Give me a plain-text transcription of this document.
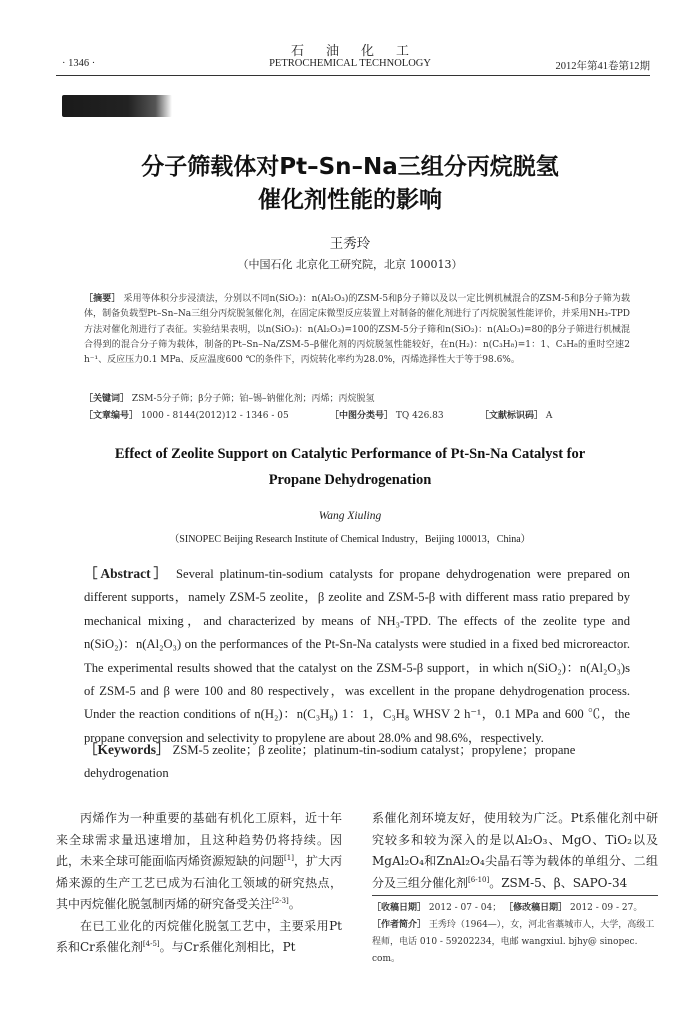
石油化工
· 1346 ·	PETROCHEMICAL TECHNOLOGY	2012年第41卷第12期
分子筛载体对Pt–Sn–Na三组分丙烷脱氢
催化剂性能的影响
王秀玲
（中国石化 北京化工研究院，北京 100013）
［摘要］ 采用等体积分步浸渍法，分别以不同n(SiO₂)：n(Al₂O₃)的ZSM-5和β分子筛以及以一定比例机械混合的ZSM-5和β分子筛为载体，制备负载型Pt–Sn–Na三组分丙烷脱氢催化剂，在固定床微型反应装置上对制备的催化剂进行了丙烷脱氢性能评价，并采用NH₃-TPD方法对催化剂进行了表征。实验结果表明，以n(SiO₂)：n(Al₂O₃)=100的ZSM-5分子筛和n(SiO₂)：n(Al₂O₃)=80的β分子筛进行机械混合得到的混合分子筛为载体，制备的Pt–Sn–Na/ZSM-5–β催化剂的丙烷脱氢性能较好，在n(H₂)：n(C₃H₈)=1：1、C₃H₈的重时空速2 h⁻¹、反应压力0.1 MPa、反应温度600 ℃的条件下，丙烷转化率约为28.0%，丙烯选择性大于等于98.6%。
［关键词］ ZSM-5分子筛；β分子筛；铂–锡–钠催化剂；丙烯；丙烷脱氢
［文章编号］ 1000 - 8144(2012)12 - 1346 - 05	［中图分类号］ TQ 426.83	［文献标识码］ A
Effect of Zeolite Support on Catalytic Performance of Pt-Sn-Na Catalyst for
Propane Dehydrogenation
Wang Xiuling
（SINOPEC Beijing Research Institute of Chemical Industry，Beijing 100013，China）
［Abstract］ Several platinum-tin-sodium catalysts for propane dehydrogenation were prepared on different supports，namely ZSM-5 zeolite，β zeolite and ZSM-5-β with different mass ratio prepared by mechanical mixing，and characterized by means of NH₃-TPD. The effects of the zeolite type and n(SiO₂)：n(Al₂O₃) on the performances of the Pt-Sn-Na catalysts were studied in a fixed bed microreactor. The experimental results showed that the catalyst on the ZSM-5-β support，in which n(SiO₂)：n(Al₂O₃)s of ZSM-5 and β were 100 and 80 respectively，was excellent in the propane dehydrogenation process. Under the reaction conditions of n(H₂)：n(C₃H₈) 1：1，C₃H₈ WHSV 2 h⁻¹，0.1 MPa and 600 ℃，the propane conversion and selectivity to propylene are about 28.0% and 98.6%，respectively.
［Keywords］ ZSM-5 zeolite；β zeolite；platinum-tin-sodium catalyst；propylene；propane dehydrogenation

丙烯作为一种重要的基础有机化工原料，近十年来全球需求量迅速增加，且这种趋势仍将持续。因此，未来全球可能面临丙烯资源短缺的问题[1]，扩大丙烯来源的生产工艺已成为石油化工领域的研究热点，其中丙烷催化脱氢制丙烯的研究备受关注[2-3]。

在已工业化的丙烷催化脱氢工艺中，主要采用Pt系和Cr系催化剂[4-5]。与Cr系催化剂相比，Pt

系催化剂环境友好，使用较为广泛。Pt系催化剂中研究较多和较为深入的是以Al₂O₃、MgO、TiO₂以及MgAl₂O₄和ZnAl₂O₄尖晶石等为载体的单组分、二组分及三组分催化剂[6-10]。ZSM-5、β、SAPO-34

［收稿日期］ 2012 - 07 - 04； ［修改稿日期］ 2012 - 09 - 27。
［作者简介］ 王秀玲（1964—），女，河北省藁城市人，大学，高级工程师，电话 010 - 59202234，电邮 wangxiul. bjhy@ sinopec. com。
